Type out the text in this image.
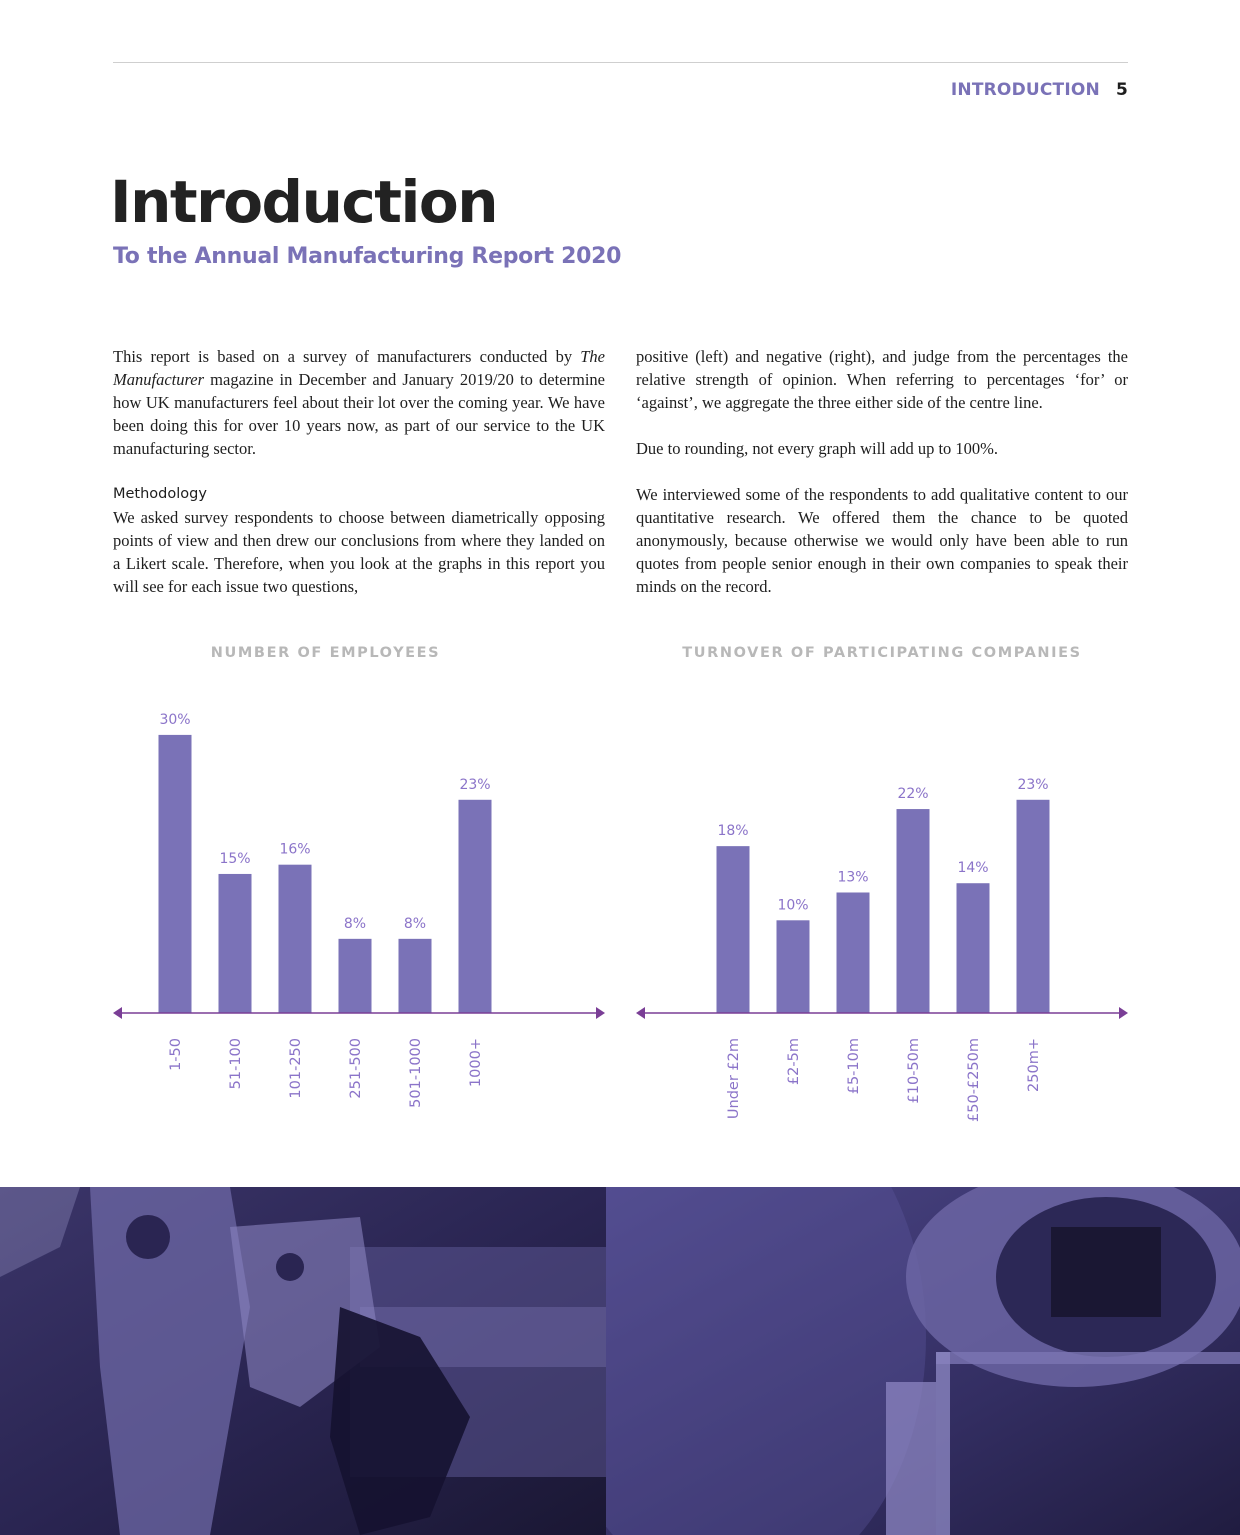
INTRODUCTION 5
Introduction
To the Annual Manufacturing Report 2020

This report is based on a survey of manufacturers conducted by The Manufacturer magazine in December and January 2019/20 to determine how UK manufacturers feel about their lot over the coming year. We have been doing this for over 10 years now, as part of our service to the UK manufacturing sector.

Methodology

We asked survey respondents to choose between diametrically opposing points of view and then drew our conclusions from where they landed on a Likert scale. Therefore, when you look at the graphs in this report you will see for each issue two questions,

positive (left) and negative (right), and judge from the percentages the relative strength of opinion. When referring to percentages ‘for’ or ‘against’, we aggregate the three either side of the centre line.

Due to rounding, not every graph will add up to 100%.

We interviewed some of the respondents to add qualitative content to our quantitative research. We offered them the chance to be quoted anonymously, because otherwise we would only have been able to run quotes from people senior enough in their own companies to speak their minds on the record.

NUMBER OF EMPLOYEES	TURNOVER OF PARTICIPATING COMPANIES
30%
1-50
15%
51-100
16%
101-250
8%
251-500
8%
501-1000
23%
1000+
18%
Under £2m
10%
£2-5m
13%
£5-10m
22%
£10-50m
14%
£50-£250m
23%
250m+
